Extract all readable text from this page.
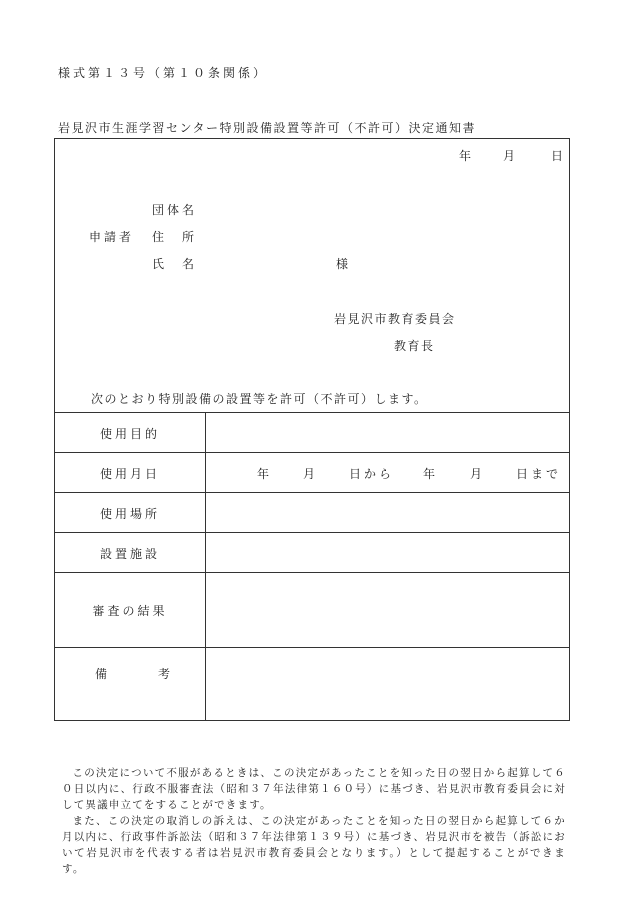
様式第１３号（第１０条関係）
岩見沢市生涯学習センター特別設備設置等許可（不許可）決定通知書
年	月	日
団体名
申請者 住　所
氏　名	様
岩見沢市教育委員会
教育長
次のとおり特別設備の設置等を許可（不許可）します。
使用目的
使用月日	年	月	日から 年	月	日まで
使用場所
設置施設
審査の結果
備	考

この決定について不服があるときは、この決定があったことを知った日の翌日から起算して６０日以内に、行政不服審査法（昭和３７年法律第１６０号）に基づき、岩見沢市教育委員会に対して異議申立てをすることができます。

また、この決定の取消しの訴えは、この決定があったことを知った日の翌日から起算して６か月以内に、行政事件訴訟法（昭和３７年法律第１３９号）に基づき、岩見沢市を被告（訴訟において岩見沢市を代表する者は岩見沢市教育委員会となります。）として提起することができます。
